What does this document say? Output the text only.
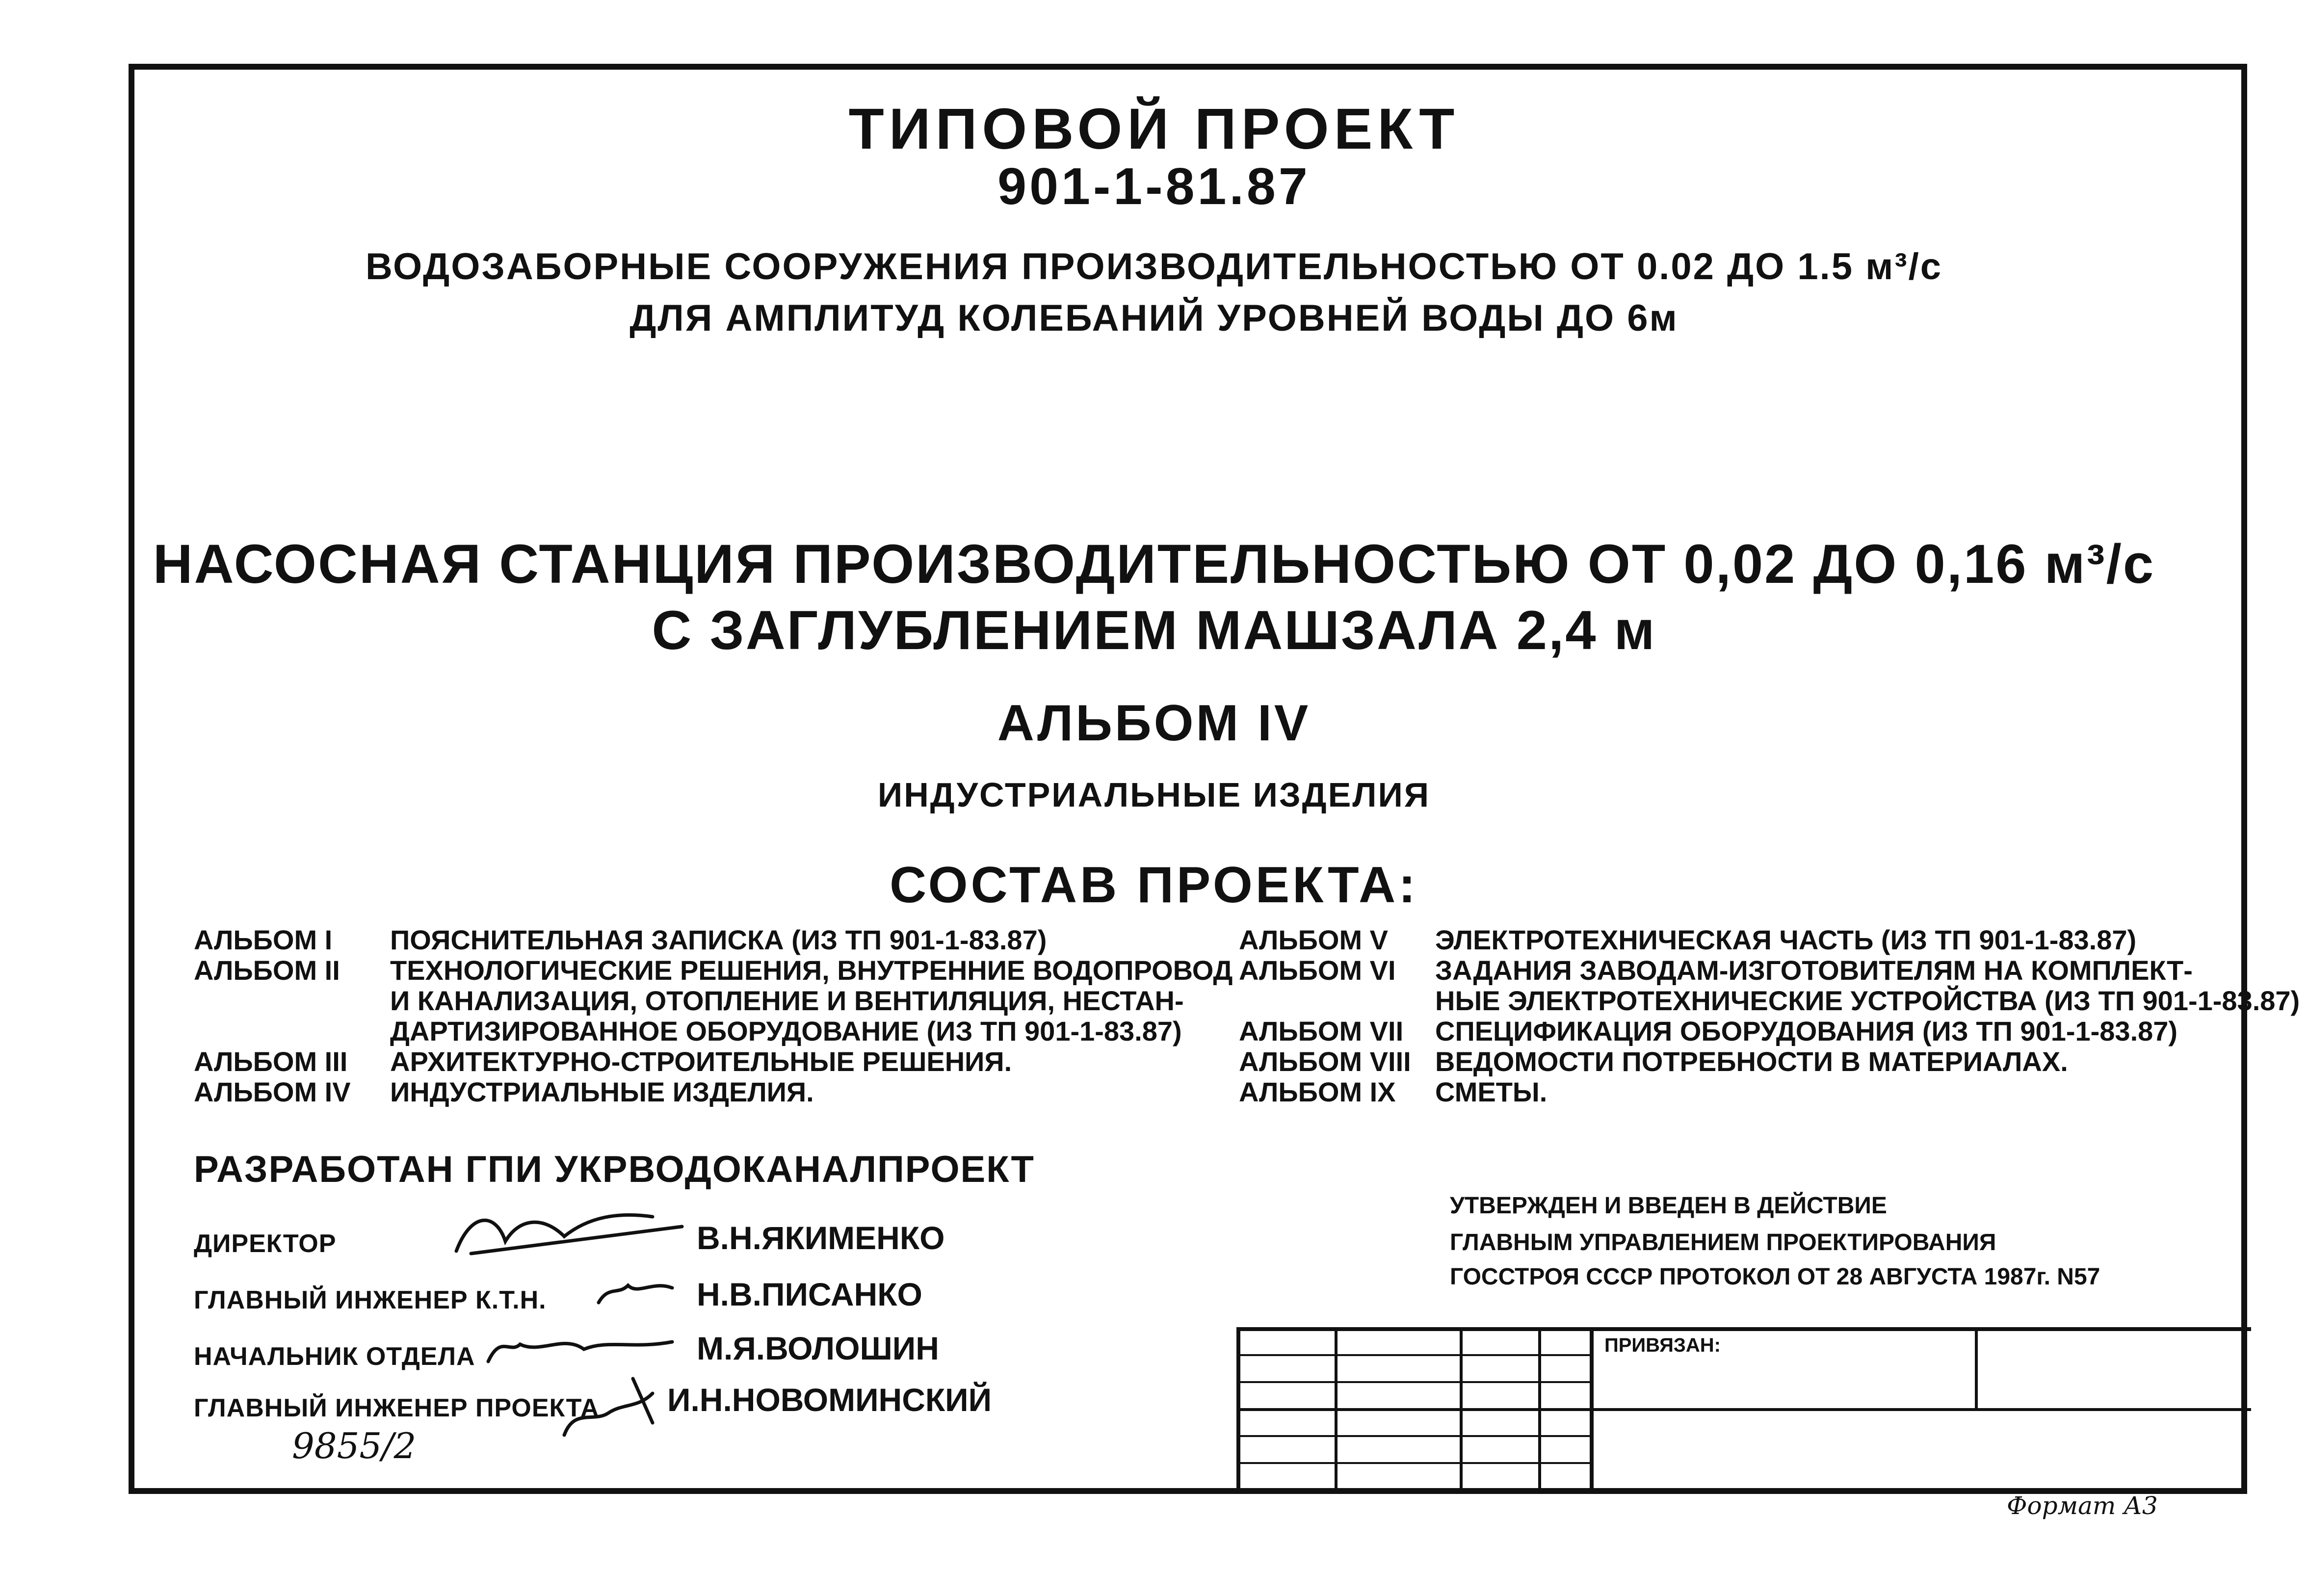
ТИПОВОЙ ПРОЕКТ
901-1-81.87
ВОДОЗАБОРНЫЕ СООРУЖЕНИЯ ПРОИЗВОДИТЕЛЬНОСТЬЮ ОТ 0.02 ДО 1.5 м³/с
ДЛЯ АМПЛИТУД КОЛЕБАНИЙ УРОВНЕЙ ВОДЫ ДО 6м
НАСОСНАЯ СТАНЦИЯ ПРОИЗВОДИТЕЛЬНОСТЬЮ ОТ 0,02 ДО 0,16 м³/с
С ЗАГЛУБЛЕНИЕМ МАШЗАЛА 2,4 м
АЛЬБОМ IV
ИНДУСТРИАЛЬНЫЕ ИЗДЕЛИЯ
СОСТАВ ПРОЕКТА:
АЛЬБОМ I ПОЯСНИТЕЛЬНАЯ ЗАПИСКА (ИЗ ТП 901-1-83.87)
АЛЬБОМ II ТЕХНОЛОГИЧЕСКИЕ РЕШЕНИЯ, ВНУТРЕННИЕ ВОДОПРОВОД
И КАНАЛИЗАЦИЯ, ОТОПЛЕНИЕ И ВЕНТИЛЯЦИЯ, НЕСТАН-
ДАРТИЗИРОВАННОЕ ОБОРУДОВАНИЕ (ИЗ ТП 901-1-83.87)
АЛЬБОМ III АРХИТЕКТУРНО-СТРОИТЕЛЬНЫЕ РЕШЕНИЯ.
АЛЬБОМ IV ИНДУСТРИАЛЬНЫЕ ИЗДЕЛИЯ.
АЛЬБОМ V ЭЛЕКТРОТЕХНИЧЕСКАЯ ЧАСТЬ (ИЗ ТП 901-1-83.87)
АЛЬБОМ VI ЗАДАНИЯ ЗАВОДАМ-ИЗГОТОВИТЕЛЯМ НА КОМПЛЕКТ-
НЫЕ ЭЛЕКТРОТЕХНИЧЕСКИЕ УСТРОЙСТВА (ИЗ ТП 901-1-83.87)
АЛЬБОМ VII СПЕЦИФИКАЦИЯ ОБОРУДОВАНИЯ (ИЗ ТП 901-1-83.87)
АЛЬБОМ VIII ВЕДОМОСТИ ПОТРЕБНОСТИ В МАТЕРИАЛАХ.
АЛЬБОМ IX СМЕТЫ.
РАЗРАБОТАН ГПИ УКРВОДОКАНАЛПРОЕКТ
ДИРЕКТОР	В.Н.ЯКИМЕНКО
ГЛАВНЫЙ ИНЖЕНЕР К.Т.Н.	Н.В.ПИСАНКО
НАЧАЛЬНИК ОТДЕЛА	М.Я.ВОЛОШИН
ГЛАВНЫЙ ИНЖЕНЕР ПРОЕКТА И.Н.НОВОМИНСКИЙ
9855/2
УТВЕРЖДЕН И ВВЕДЕН В ДЕЙСТВИЕ
ГЛАВНЫМ УПРАВЛЕНИЕМ ПРОЕКТИРОВАНИЯ
ГОССТРОЯ СССР ПРОТОКОЛ ОТ 28 АВГУСТА 1987г. N57
ПРИВЯЗАН:
Формат А3
